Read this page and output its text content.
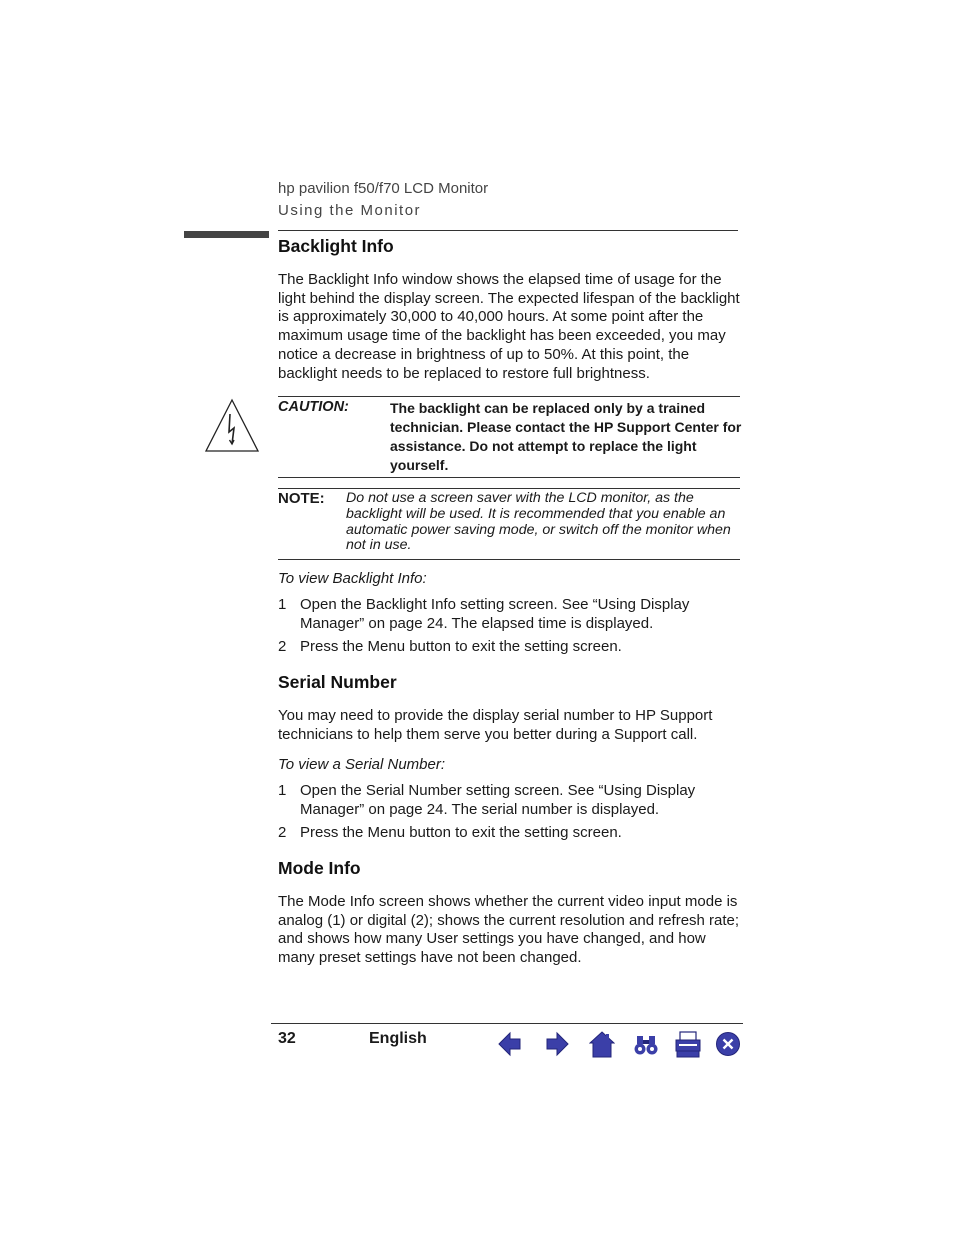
hp pavilion f50/f70 LCD Monitor
Using the Monitor
Backlight Info

The Backlight Info window shows the elapsed time of usage for the light behind the display screen. The expected lifespan of the backlight is approximately 30,000 to 40,000 hours. At some point after the maximum usage time of the backlight has been exceeded, you may notice a decrease in brightness of up to 50%. At this point, the backlight needs to be replaced to restore full brightness.

CAUTION:	The backlight can be replaced only by a trained technician. Please contact the HP Support Center for assistance. Do not attempt to replace the light yourself.
NOTE: Do not use a screen saver with the LCD monitor, as the backlight will be used. It is recommended that you enable an automatic power saving mode, or switch off the monitor when not in use.

To view Backlight Info:

1 Open the Backlight Info setting screen. See “Using Display Manager” on page 24. The elapsed time is displayed.
2 Press the Menu button to exit the setting screen.
Serial Number

You may need to provide the display serial number to HP Support technicians to help them serve you better during a Support call.

To view a Serial Number:

1 Open the Serial Number setting screen. See “Using Display Manager” on page 24. The serial number is displayed.
2 Press the Menu button to exit the setting screen.
Mode Info

The Mode Info screen shows whether the current video input mode is analog (1) or digital (2); shows the current resolution and refresh rate; and shows how many User settings you have changed, and how many preset settings have not been changed.

32	English
